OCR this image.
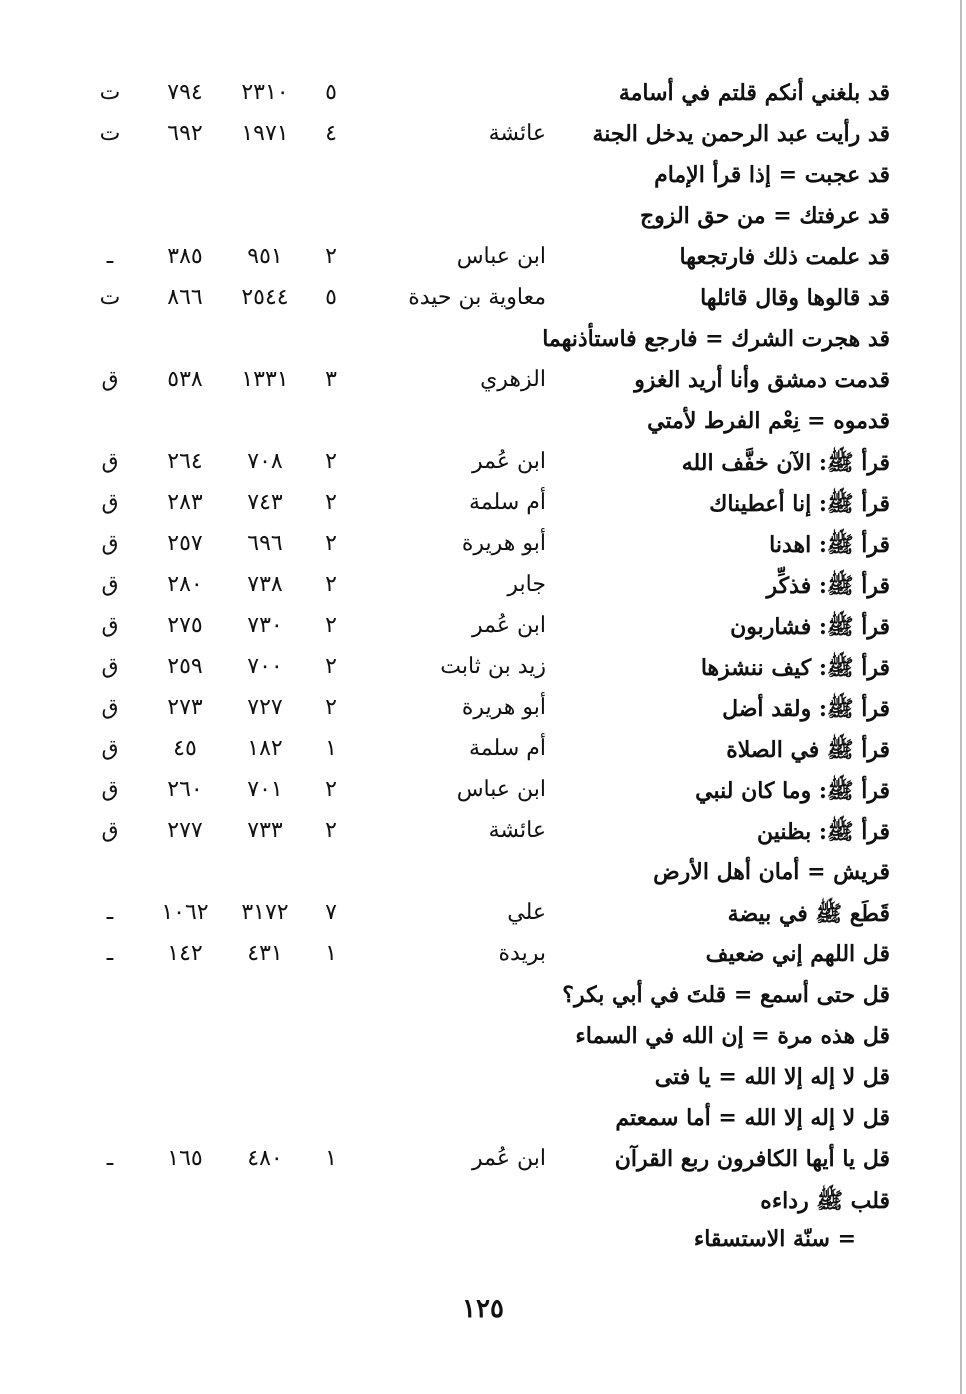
قد بلغني أنكم قلتم في أسامة
٥
٢٣١٠
٧٩٤
ت
قد رأيت عبد الرحمن يدخل الجنة
عائشة
٤
١٩٧١
٦٩٢
ت
قد عجبت = إذا قرأ الإمام
قد عرفتك = من حق الزوج
قد علمت ذلك فارتجعها
ابن عباس
٢
٩٥١
٣٨٥
ـ
قد قالوها وقال قائلها
معاوية بن حيدة
٥
٢٥٤٤
٨٦٦
ت
قد هجرت الشرك = فارجع فاستأذنهما
قدمت دمشق وأنا أريد الغزو
الزهري
٣
١٣٣١
٥٣٨
ق
قدموه = نِعْم الفرط لأمتي
قرأ ﷺ: الآن خفَّف الله
ابن عُمر
٢
٧٠٨
٢٦٤
ق
قرأ ﷺ: إنا أعطيناك
أم سلمة
٢
٧٤٣
٢٨٣
ق
قرأ ﷺ: اهدنا
أبو هريرة
٢
٦٩٦
٢٥٧
ق
قرأ ﷺ: فذكِّر
جابر
٢
٧٣٨
٢٨٠
ق
قرأ ﷺ: فشاربون
ابن عُمر
٢
٧٣٠
٢٧٥
ق
قرأ ﷺ: كيف ننشزها
زيد بن ثابت
٢
٧٠٠
٢٥٩
ق
قرأ ﷺ: ولقد أضل
أبو هريرة
٢
٧٢٧
٢٧٣
ق
قرأ ﷺ في الصلاة
أم سلمة
١
١٨٢
٤٥
ق
قرأ ﷺ: وما كان لنبي
ابن عباس
٢
٧٠١
٢٦٠
ق
قرأ ﷺ: بظنين
عائشة
٢
٧٣٣
٢٧٧
ق
قريش = أمان أهل الأرض
قَطَع ﷺ في بيضة
علي
٧
٣١٧٢
١٠٦٢
ـ
قل اللهم إني ضعيف
بريدة
١
٤٣١
١٤٢
ـ
قل حتى أسمع = قلتَ في أبي بكر؟
قل هذه مرة = إن الله في السماء
قل لا إله إلا الله = يا فتى
قل لا إله إلا الله = أما سمعتم
قل يا أيها الكافرون ربع القرآن
ابن عُمر
١
٤٨٠
١٦٥
ـ
قلب ﷺ رداءه
= سنّة الاستسقاء
١٢٥
